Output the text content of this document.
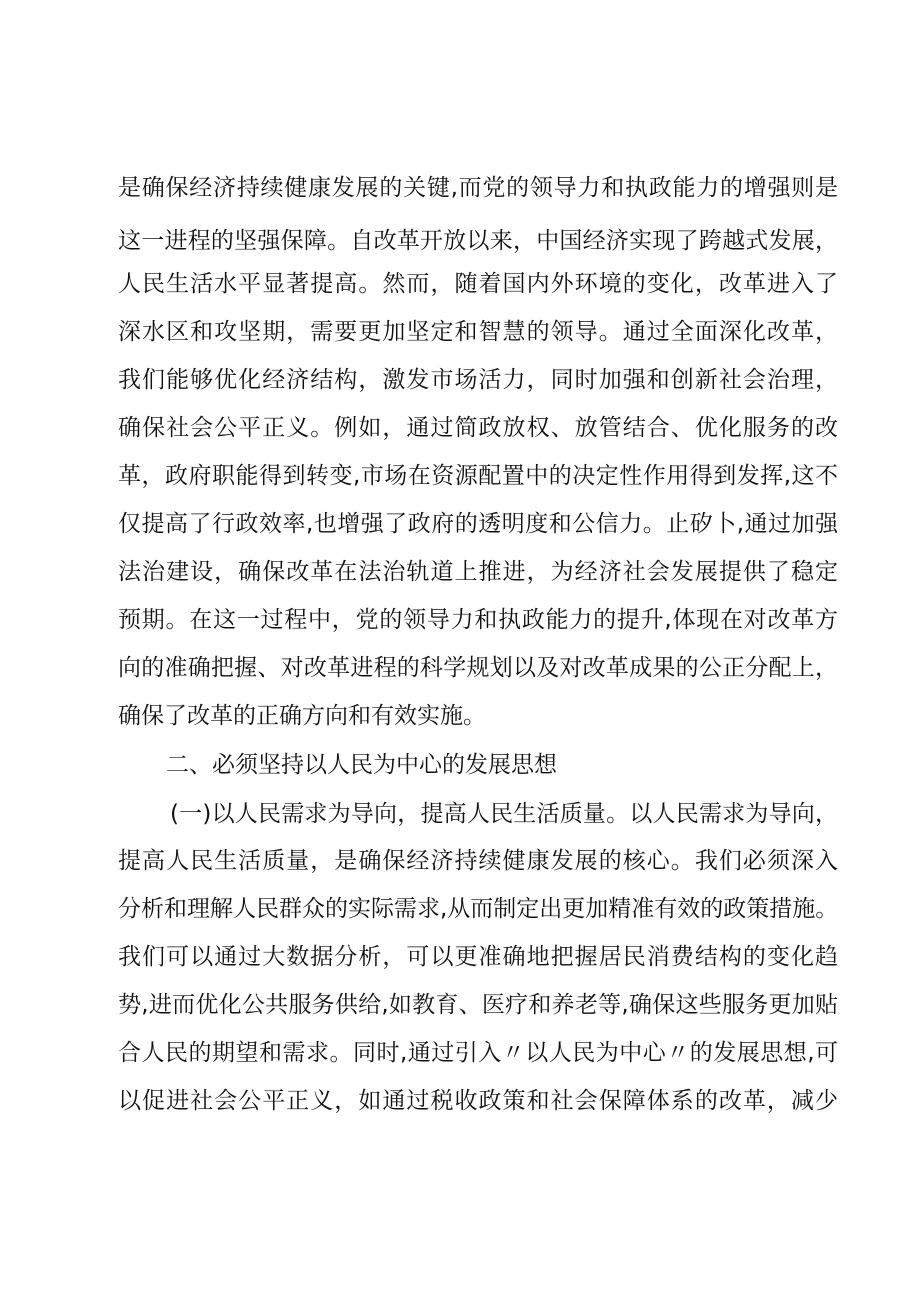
是确保经济持续健康发展的关键,而党的领导力和执政能力的增强则是
这一进程的坚强保障。自改革开放以来，中国经济实现了跨越式发展，
人民生活水平显著提高。然而，随着国内外环境的变化，改革进入了
深水区和攻坚期，需要更加坚定和智慧的领导。通过全面深化改革，
我们能够优化经济结构，激发市场活力，同时加强和创新社会治理，
确保社会公平正义。例如，通过简政放权、放管结合、优化服务的改
革，政府职能得到转变,市场在资源配置中的决定性作用得到发挥,这不
仅提高了行政效率,也增强了政府的透明度和公信力。止矽卜,通过加强
法治建设，确保改革在法治轨道上推进，为经济社会发展提供了稳定
预期。在这一过程中，党的领导力和执政能力的提升,体现在对改革方
向的准确把握、对改革进程的科学规划以及对改革成果的公正分配上，
确保了改革的正确方向和有效实施。
二、必须坚持以人民为中心的发展思想
(一)以人民需求为导向，提高人民生活质量。以人民需求为导向，
提高人民生活质量，是确保经济持续健康发展的核心。我们必须深入
分析和理解人民群众的实际需求,从而制定出更加精准有效的政策措施。
我们可以通过大数据分析，可以更准确地把握居民消费结构的变化趋
势,进而优化公共服务供给,如教育、医疗和养老等,确保这些服务更加贴
合人民的期望和需求。同时,通过引入〃以人民为中心〃的发展思想,可
以促进社会公平正义，如通过税收政策和社会保障体系的改革，减少
